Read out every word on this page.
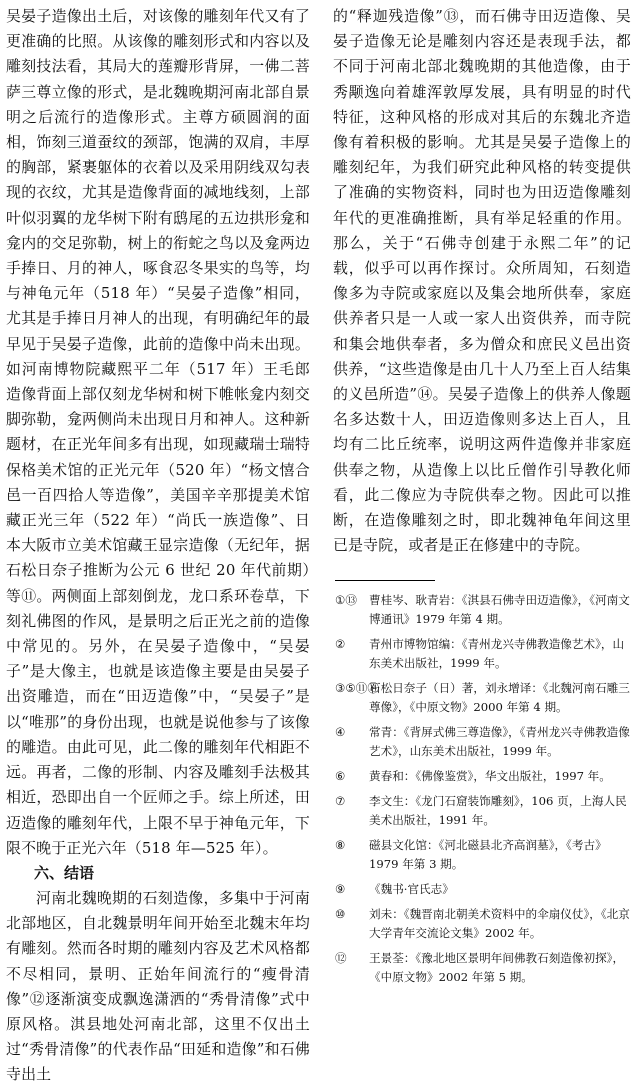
吴晏子造像出土后，对该像的雕刻年代又有了更准确的比照。从该像的雕刻形式和内容以及雕刻技法看，其局大的莲瓣形背屏，一佛二菩萨三尊立像的形式，是北魏晚期河南北部自景明之后流行的造像形式。主尊方硕圆润的面相，饰刻三道蚕纹的颈部，饱满的双肩，丰厚的胸部，紧裹躯体的衣着以及采用阴线双勾表现的衣纹，尤其是造像背面的减地线刻，上部叶似羽翼的龙华树下附有鸱尾的五边拱形龛和龛内的交足弥勒，树上的衔蛇之鸟以及龛两边手捧日、月的神人，啄食忍冬果实的鸟等，均与神龟元年（518 年）“吴晏子造像”相同，尤其是手捧日月神人的出现，有明确纪年的最早见于吴晏子造像，此前的造像中尚未出现。如河南博物院藏熙平二年（517 年）王毛郎造像背面上部仅刻龙华树和树下帷帐龛内刻交脚弥勒，龛两侧尚未出现日月和神人。这种新题材，在正光年间多有出现，如现藏瑞士瑞特保格美术馆的正光元年（520 年）“杨文憘合邑一百四拾人等造像”，美国辛辛那提美术馆藏正光三年（522 年）“尚氏一族造像”、日本大阪市立美术馆藏王显宗造像（无纪年，据石松日奈子推断为公元 6 世纪 20 年代前期）等⑪。两侧面上部刻倒龙，龙口系环卷草，下刻礼佛图的作风，是景明之后正光之前的造像中常见的。另外，在吴晏子造像中，“吴晏子”是大像主，也就是该造像主要是由吴晏子出资雕造，而在“田迈造像”中，“吴晏子”是以“唯那”的身份出现，也就是说他参与了该像的雕造。由此可见，此二像的雕刻年代相距不远。再者，二像的形制、内容及雕刻手法极其相近，恐即出自一个匠师之手。综上所述，田迈造像的雕刻年代，上限不早于神龟元年，下限不晚于正光六年（518 年—525 年）。

六、结语

河南北魏晚期的石刻造像，多集中于河南北部地区，自北魏景明年间开始至北魏末年均有雕刻。然而各时期的雕刻内容及艺术风格都不尽相同，景明、正始年间流行的“瘦骨清像”⑫逐渐演变成飘逸潇洒的“秀骨清像”式中原风格。淇县地处河南北部，这里不仅出土过“秀骨清像”的代表作品“田延和造像”和石佛寺出土

的“释迦残造像”⑬，而石佛寺田迈造像、吴晏子造像无论是雕刻内容还是表现手法，都不同于河南北部北魏晚期的其他造像，由于秀颙逸向着雄浑敦厚发展，具有明显的时代特征，这种风格的形成对其后的东魏北齐造像有着积极的影响。尤其是吴晏子造像上的雕刻纪年，为我们研究此种风格的转变提供了准确的实物资料，同时也为田迈造像雕刻年代的更准确推断，具有举足轻重的作用。那么，关于“石佛寺创建于永熙二年”的记载，似乎可以再作探讨。众所周知，石刻造像多为寺院或家庭以及集会地所供奉，家庭供养者只是一人或一家人出资供养，而寺院和集会地供奉者，多为僧众和庶民义邑出资供养，“这些造像是由几十人乃至上百人结集的义邑所造”⑭。吴晏子造像上的供养人像题名多达数十人，田迈造像则多达上百人，且均有二比丘统率，说明这两件造像并非家庭供奉之物，从造像上以比丘僧作引导教化师看，此二像应为寺院供奉之物。因此可以推断，在造像雕刻之时，即北魏神龟年间这里已是寺院，或者是正在修建中的寺院。

①⑬	曹桂岑、耿青岩：《淇县石佛寺田迈造像》，《河南文博通讯》1979 年第 4 期。
②	青州市博物馆编：《青州龙兴寺佛教造像艺术》，山东美术出版社，1999 年。
③⑤⑪⑭
石松日奈子（日）著，刘永增译：《北魏河南石雕三尊像》，《中原文物》2000 年第 4 期。
④	常青：《背屏式佛三尊造像》，《青州龙兴寺佛教造像艺术》，山东美术出版社，1999 年。
⑥	黄春和：《佛像鉴赏》，华文出版社，1997 年。
⑦	李文生：《龙门石窟装饰雕刻》，106 页，上海人民美术出版社，1991 年。
⑧	磁县文化馆：《河北磁县北齐高润墓》，《考古》1979 年第 3 期。
⑨	《魏书·官氏志》
⑩	刘未：《魏晋南北朝美术资料中的伞扇仪仗》，《北京大学青年交流论文集》2002 年。
⑫	王景荃：《豫北地区景明年间佛教石刻造像初探》，《中原文物》2002 年第 5 期。
